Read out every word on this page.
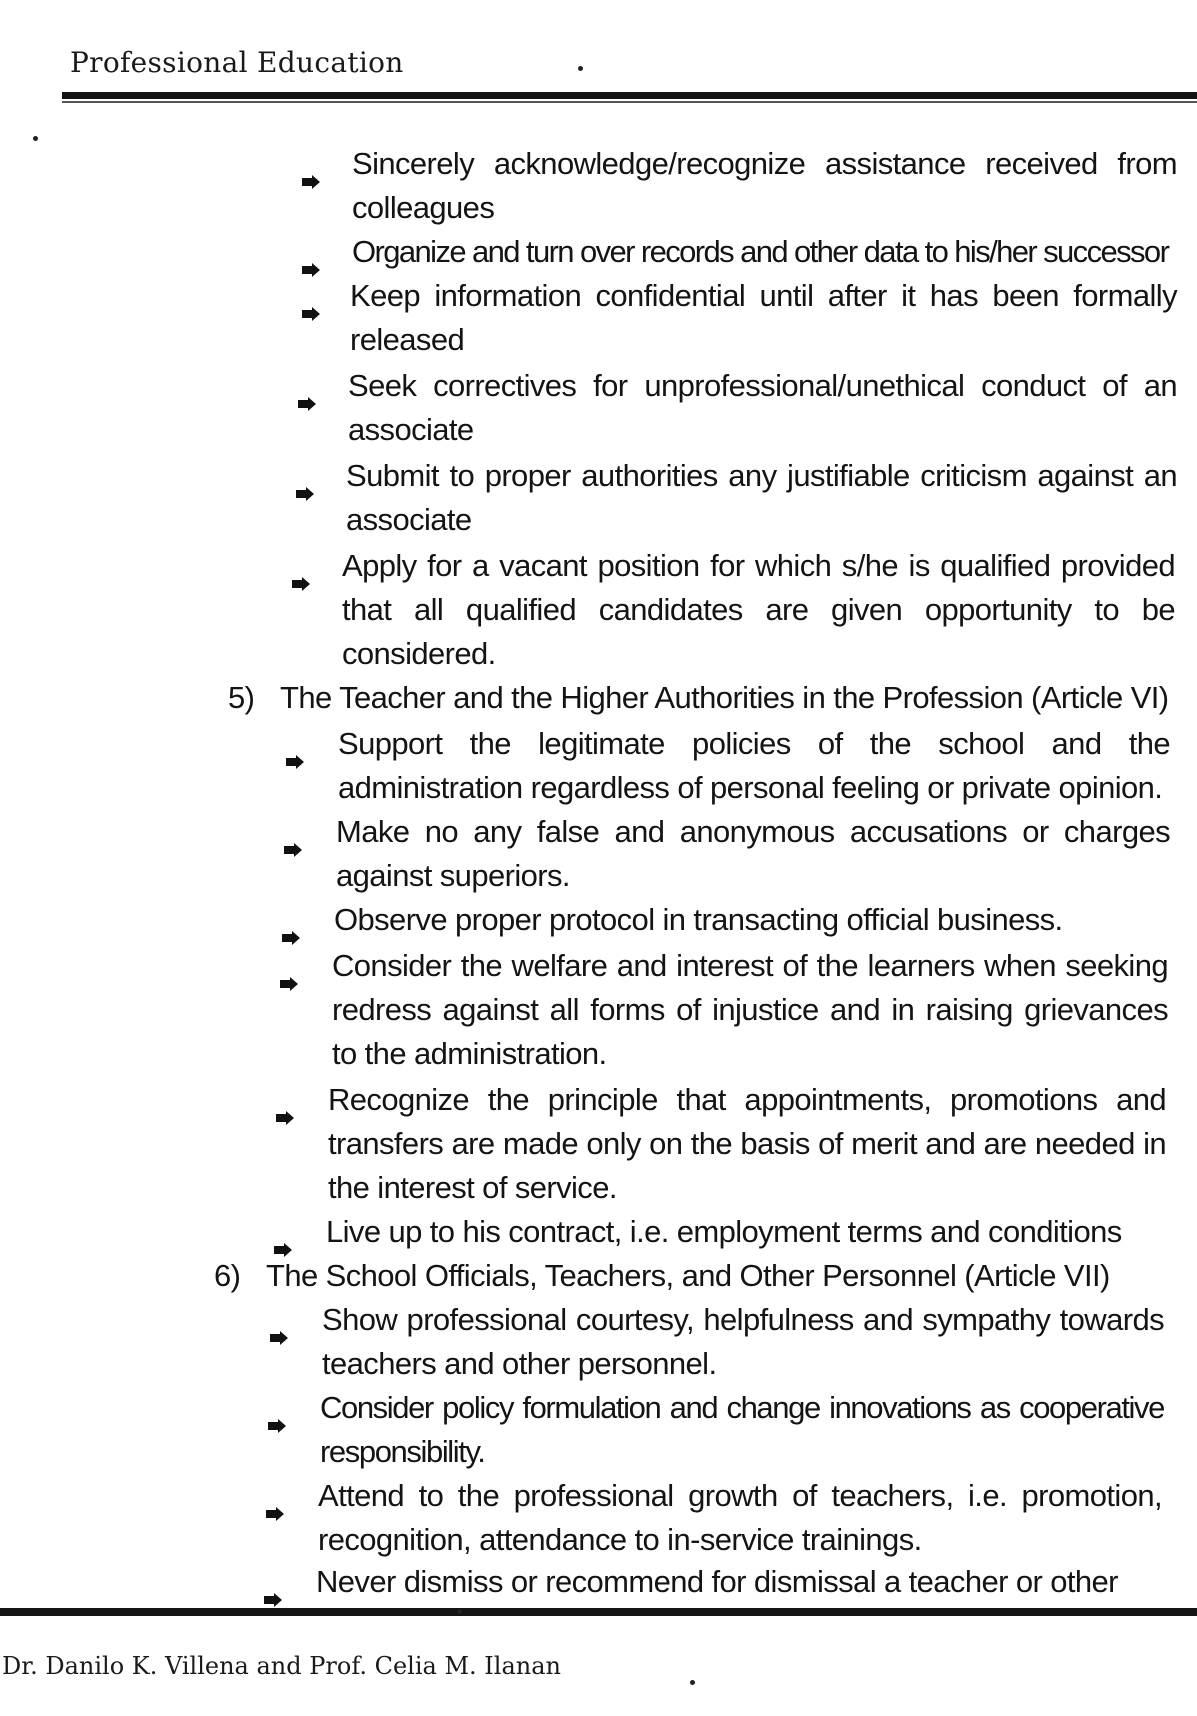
Professional Education
Sincerely acknowledge/recognize assistance received from colleagues
Organize and turn over records and other data to his/her successor
Keep information confidential until after it has been formally released
Seek correctives for unprofessional/unethical conduct of an associate
Submit to proper authorities any justifiable criticism against an associate
Apply for a vacant position for which s/he is qualified provided that all qualified candidates are given opportunity to be considered.
5) The Teacher and the Higher Authorities in the Profession (Article VI)
Support the legitimate policies of the school and the administration regardless of personal feeling or private opinion.
Make no any false and anonymous accusations or charges against superiors.
Observe proper protocol in transacting official business.
Consider the welfare and interest of the learners when seeking redress against all forms of injustice and in raising grievances to the administration.
Recognize the principle that appointments, promotions and transfers are made only on the basis of merit and are needed in the interest of service.
Live up to his contract, i.e. employment terms and conditions
6) The School Officials, Teachers, and Other Personnel (Article VII)
Show professional courtesy, helpfulness and sympathy towards teachers and other personnel.
Consider policy formulation and change innovations as cooperative responsibility.
Attend to the professional growth of teachers, i.e. promotion, recognition, attendance to in-service trainings.
Never dismiss or recommend for dismissal a teacher or other
Dr. Danilo K. Villena and Prof. Celia M. Ilanan
